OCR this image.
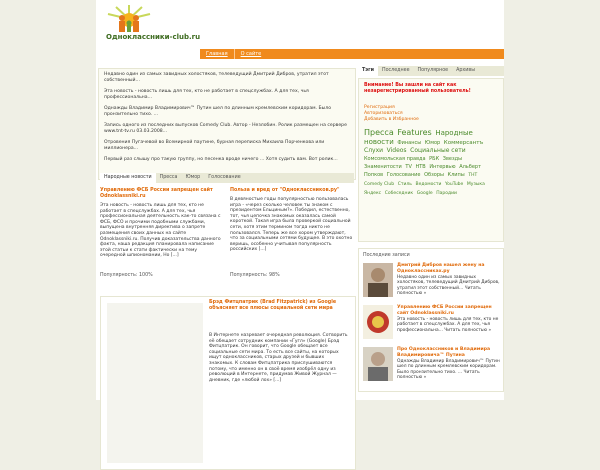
Одноклассники-club.ru
Главная	О сайте

Недавно один из самых завидных холостяков, телеведущий Дмитрий Дибров, утратил этот собственный...

Эта новость - новость лишь для тех, кто не работает в спецслужбах. А для тех, чья профессиональна...

Однажды Владимир Владимирович™ Путин шел по длинным кремлевским коридорам. Было пронзительно тихо. ...

Запись одного из последних выпусков Comedy Club. Автор - Незлобин. Ролик размещен на сервере www.tnt-tv.ru 03.03.2008...

Отровения Пугачевой во Всемирной паутине, бурная переписка Михаила Порченкова или миллионера...

Первый раз слышу про такую группу, но песенка вроде ничего ... Хотя судить вам. Вот ролик...

Народные новости Пресса Юмор Голосование
Управлению ФСБ России запрещен сайт Odnoklassniki.ru
Эта новость - новость лишь для тех, кто не работает в спецслужбах. А для тех, чья профессиональная деятельность как-то связана с ФСБ, ФСО и прочими подобными службами, выпущена внутренняя директива о запрете размещения своих данных на сайте Odnoklassniki.ru. Получив доказательства данного факта, наша редакция планировала написание этой статьи к стати фактически на тему очередной шпиономании, Но [...]
Популярность: 100%
Польза и вред от "Одноклассников.ру"
В девяностые годы популярностью пользовалась игра - «через сколько человек ты знаком с президентом Ельциным?». Победил, естественно, тот, чья цепочка знакомых оказалась самой короткой. Такая игра была проверкой социальной сети, хотя этим термином тогда никто не пользовался. Теперь же все хором утверждают, что за социальными сетями будущее. В это охотно веришь, особенно учитывая популярность российских [...]
Популярность: 98%
Брэд Фитцпатрик (Brad Fitzpatrick) из Google объясняет все плюсы социальной сети мира
В Интернете назревает очередная революция. Сотворить её обещает сотрудник компании «Гугл» (Google) Брэд Фитцпатрик. Он говорит, что Google обещает все социальные сети мира. То есть все сайты, на которых ищут одноклассников, старых друзей и бывших знакомых. К словам Фитцпатрика прислушиваются потому, что именно он в своё время изобрёл одну из революций в Интернете, придумав Живой Журнал — дневник, где «любой лох» [...]
Тэги Последнее Популярное Архивы
Внимание! Вы зашли на сайт как незарегистрированный пользователь!
Регистрация
Авторизоваться
Добавить в Избранное
Пресса Features Народные новости Финансы Юмор Коммерсантъ Слухи Videos Социальные сети Комсомольская правда РБК Звезды Знаменитости TV НТВ Интервью Альберт Попков Голосование Обзоры Клипы ТНТ Comedy Club Стиль Ведомости YouTube Музыка Яндекс Собеседник Google Пародии
Последние записи
Дмитрий Дибров нашел жену на Одноклассниках.ру
Недавно один из самых завидных холостяков, телеведущий Дмитрий Дибров, утратил этот собственный... Читать полностью »
Управлению ФСБ России запрещен сайт Odnoklassniki.ru
Эта новость - новость лишь для тех, кто не работает в спецслужбах. А для тех, чья профессиональна... Читать полностью »
Про Одноклассников и Владимира Владимировича™ Путина
Однажды Владимир Владимирович™ Путин шел по длинным кремлевским коридорам. Было пронзительно тихо. ... Читать полностью »
